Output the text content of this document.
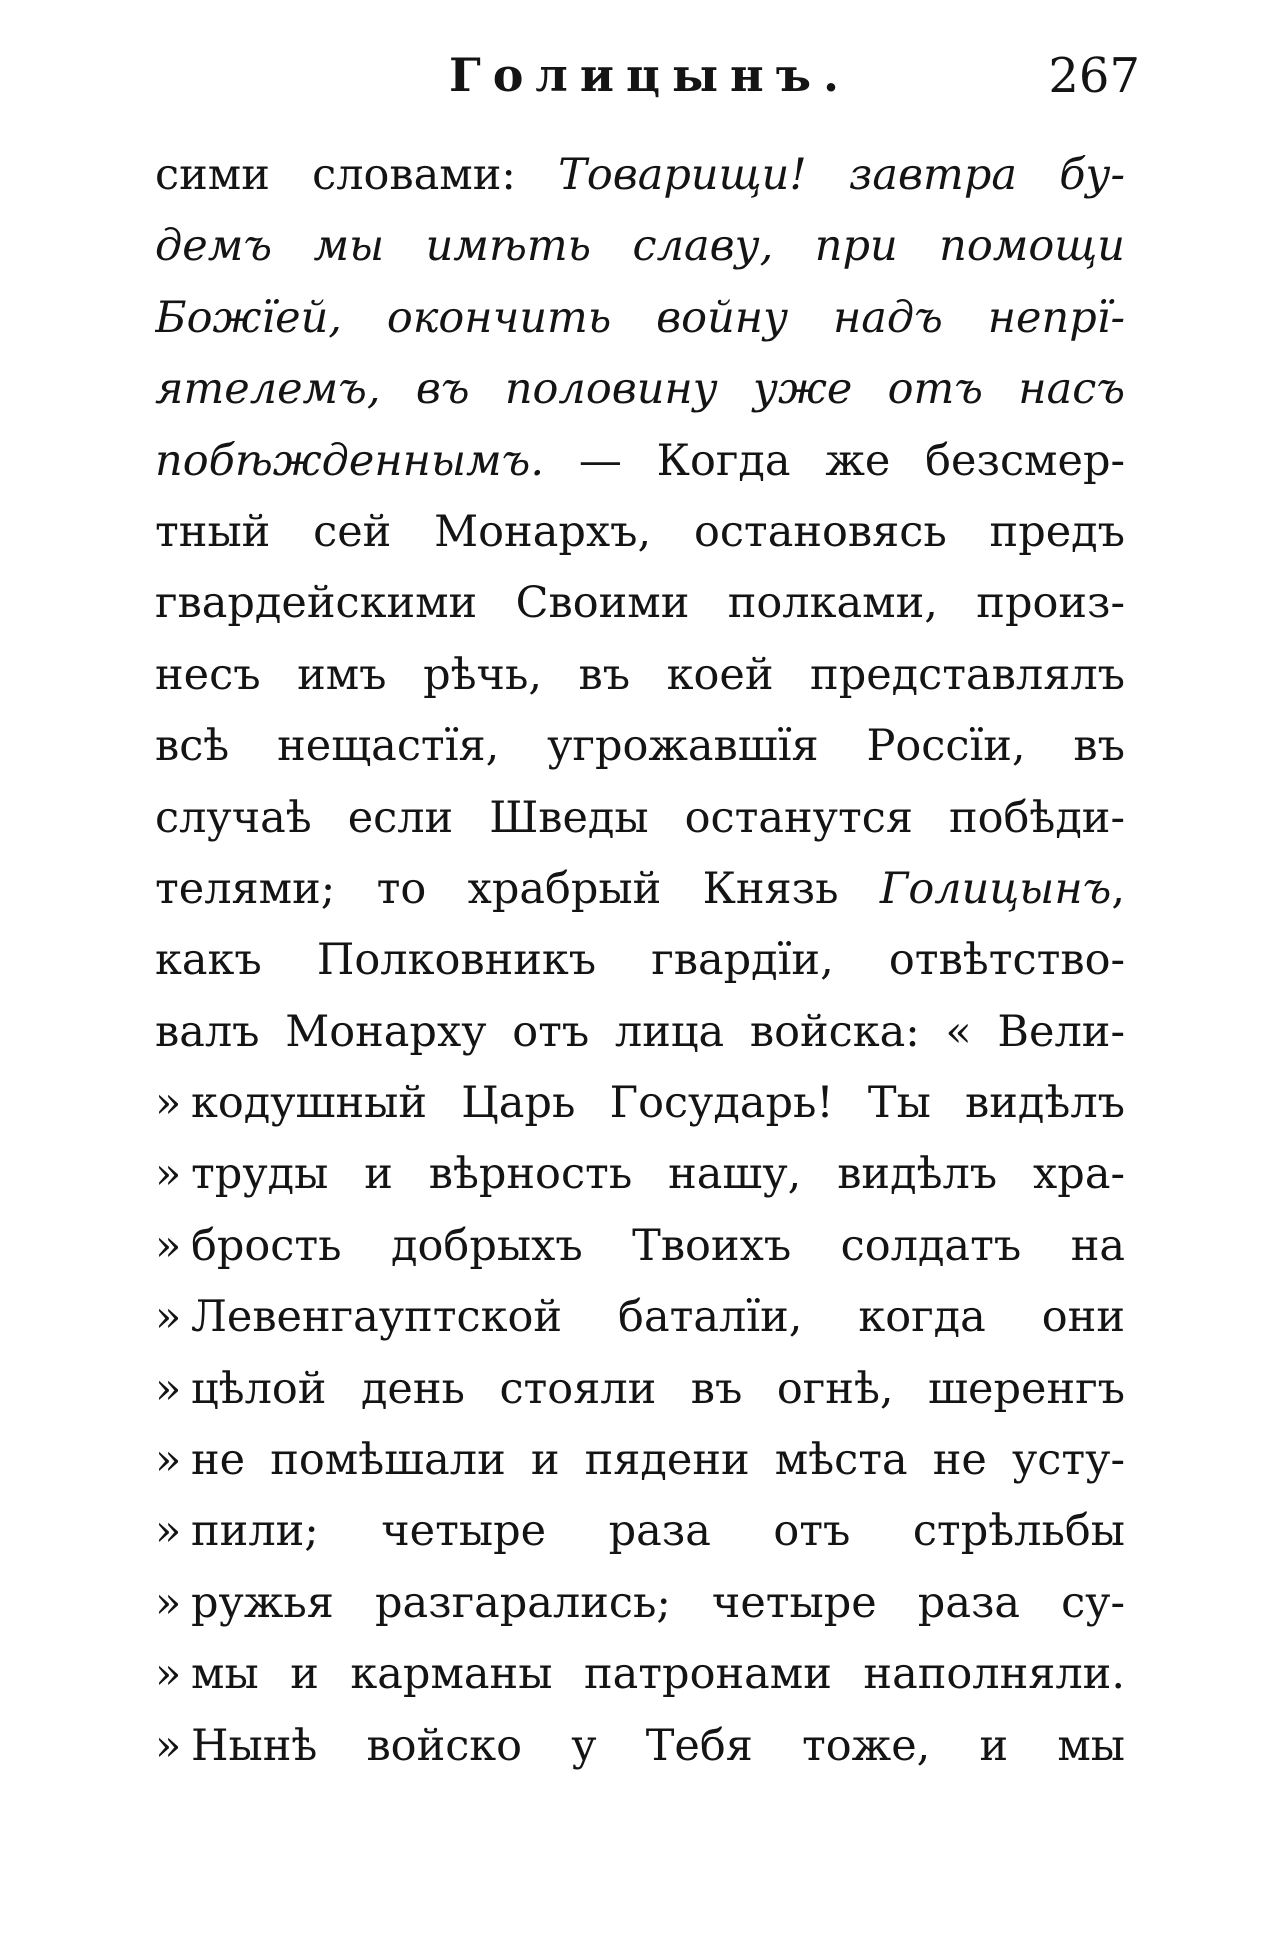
Голицынъ.	267
сими словами: Товарищи! завтра бу-
демъ мы имѣть славу, при помощи
Божїей, окончить войну надъ непрї-
ятелемъ, въ половину уже отъ насъ
побѣжденнымъ. — Когда же безсмер-
тный сей Монархъ, остановясь предъ
гвардейскими Своими полками, произ-
несъ имъ рѣчь, въ коей представлялъ
всѣ нещастїя, угрожавшїя Россїи, въ
случаѣ если Шведы останутся побѣди-
телями; то храбрый Князь Голицынъ,
какъ Полковникъ гвардїи, отвѣтство-
валъ Монарху отъ лица войска: « Вели-
» кодушный Царь Государь! Ты видѣлъ
» труды и вѣрность нашу, видѣлъ хра-
» брость добрыхъ Твоихъ солдатъ на
» Левенгауптской баталїи, когда они
» цѣлой день стояли въ огнѣ, шеренгъ
» не помѣшали и пядени мѣста не усту-
» пили; четыре раза отъ стрѣльбы
» ружья разгарались; четыре раза су-
» мы и карманы патронами наполняли.
» Нынѣ войско у Тебя тоже, и мы
